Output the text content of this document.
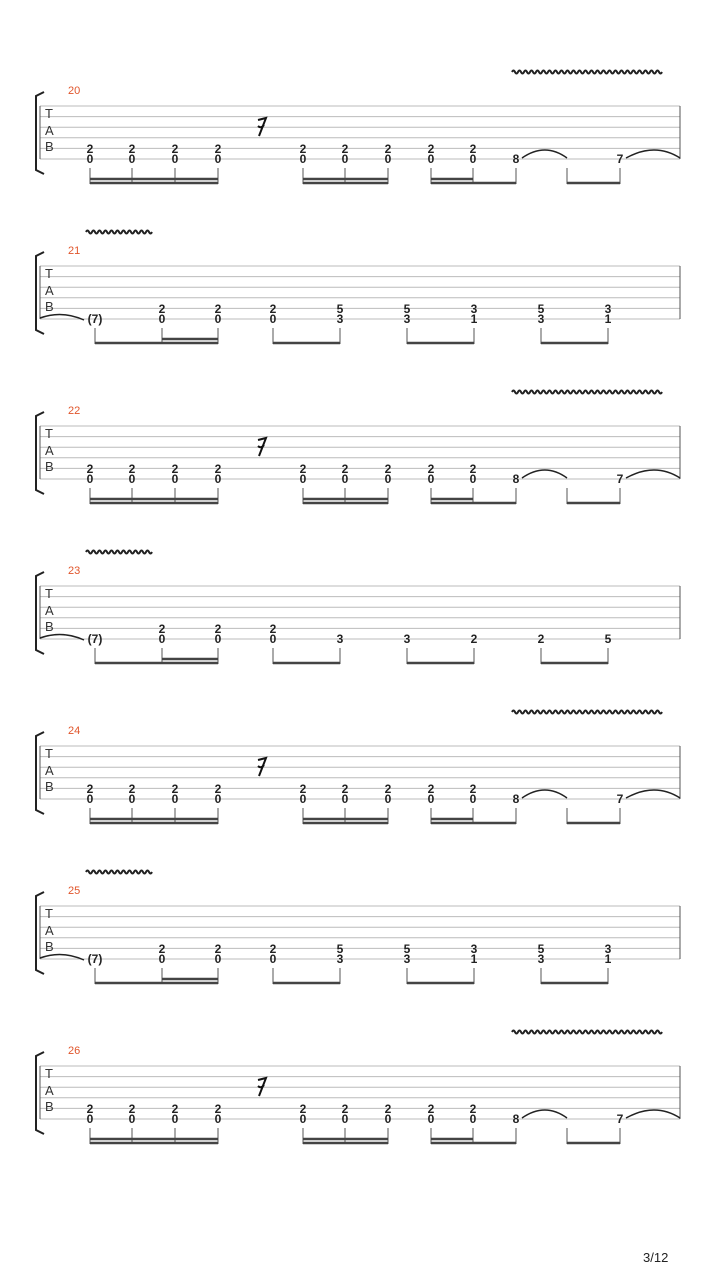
T
A
B
20
2
0
2
0
2
0
2
0
2
0
2
0
2
0
2
0
2
0	8	7
T
A
B
21
(7)
2
0
2
0
2
0
5
3
5
3
3
1
5
3
3
1
T
A
B
22
2
0
2
0
2
0
2
0
2
0
2
0
2
0
2
0
2
0	8	7
T
A
B
23
(7)
2
0
2
0
2
0	3	3	2	2	5
T
A
B
24
2
0
2
0
2
0
2
0
2
0
2
0
2
0
2
0
2
0	8	7
T
A
B
25
(7)
2
0
2
0
2
0
5
3
5
3
3
1
5
3
3
1
T
A
B
26
2
0
2
0
2
0
2
0
2
0
2
0
2
0
2
0
2
0	8	7
3/12
